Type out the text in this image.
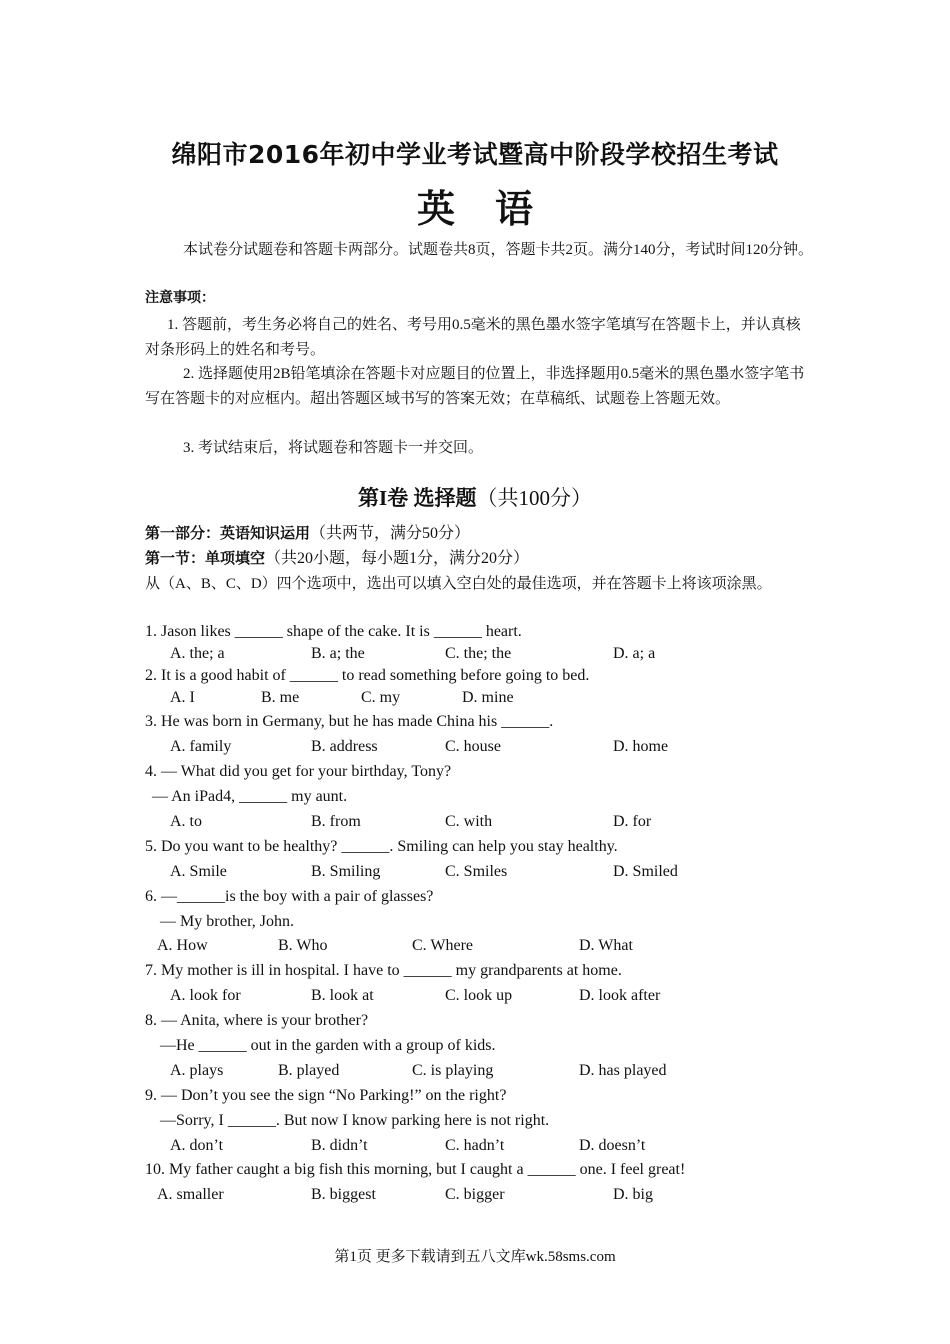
绵阳市2016年初中学业考试暨高中阶段学校招生考试
英语
本试卷分试题卷和答题卡两部分。试题卷共8页，答题卡共2页。满分140分，考试时间120分钟。
注意事项：
1. 答题前，考生务必将自己的姓名、考号用0.5毫米的黑色墨水签字笔填写在答题卡上，并认真核对条形码上的姓名和考号。
2. 选择题使用2B铅笔填涂在答题卡对应题目的位置上，非选择题用0.5毫米的黑色墨水签字笔书写在答题卡的对应框内。超出答题区域书写的答案无效；在草稿纸、试题卷上答题无效。
3. 考试结束后，将试题卷和答题卡一并交回。
第I卷 选择题（共100分）
第一部分：英语知识运用（共两节，满分50分）
第一节：单项填空（共20小题，每小题1分，满分20分）
从（A、B、C、D）四个选项中，选出可以填入空白处的最佳选项，并在答题卡上将该项涂黑。
1. Jason likes ______ shape of the cake. It is ______ heart.
A. the; a	B. a; the	C. the; the	D. a; a
2. It is a good habit of ______ to read something before going to bed.
A. I	B. me	C. my	D. mine
3. He was born in Germany, but he has made China his ______.
A. family	B. address	C. house	D. home
4. — What did you get for your birthday, Tony?
— An iPad4, ______ my aunt.
A. to	B. from	C. with	D. for
5. Do you want to be healthy? ______. Smiling can help you stay healthy.
A. Smile	B. Smiling	C. Smiles	D. Smiled
6. —______is the boy with a pair of glasses?
— My brother, John.
A. How	B. Who	C. Where	D. What
7. My mother is ill in hospital. I have to ______ my grandparents at home.
A. look for	B. look at	C. look up	D. look after
8. — Anita, where is your brother?
—He ______ out in the garden with a group of kids.
A. plays	B. played	C. is playing	D. has played
9. — Don’t you see the sign “No Parking!” on the right?
—Sorry, I ______. But now I know parking here is not right.
A. don’t	B. didn’t	C. hadn’t	D. doesn’t
10. My father caught a big fish this morning, but I caught a ______ one. I feel great!
A. smaller	B. biggest	C. bigger	D. big
第1页 更多下载请到五八文库wk.58sms.com
